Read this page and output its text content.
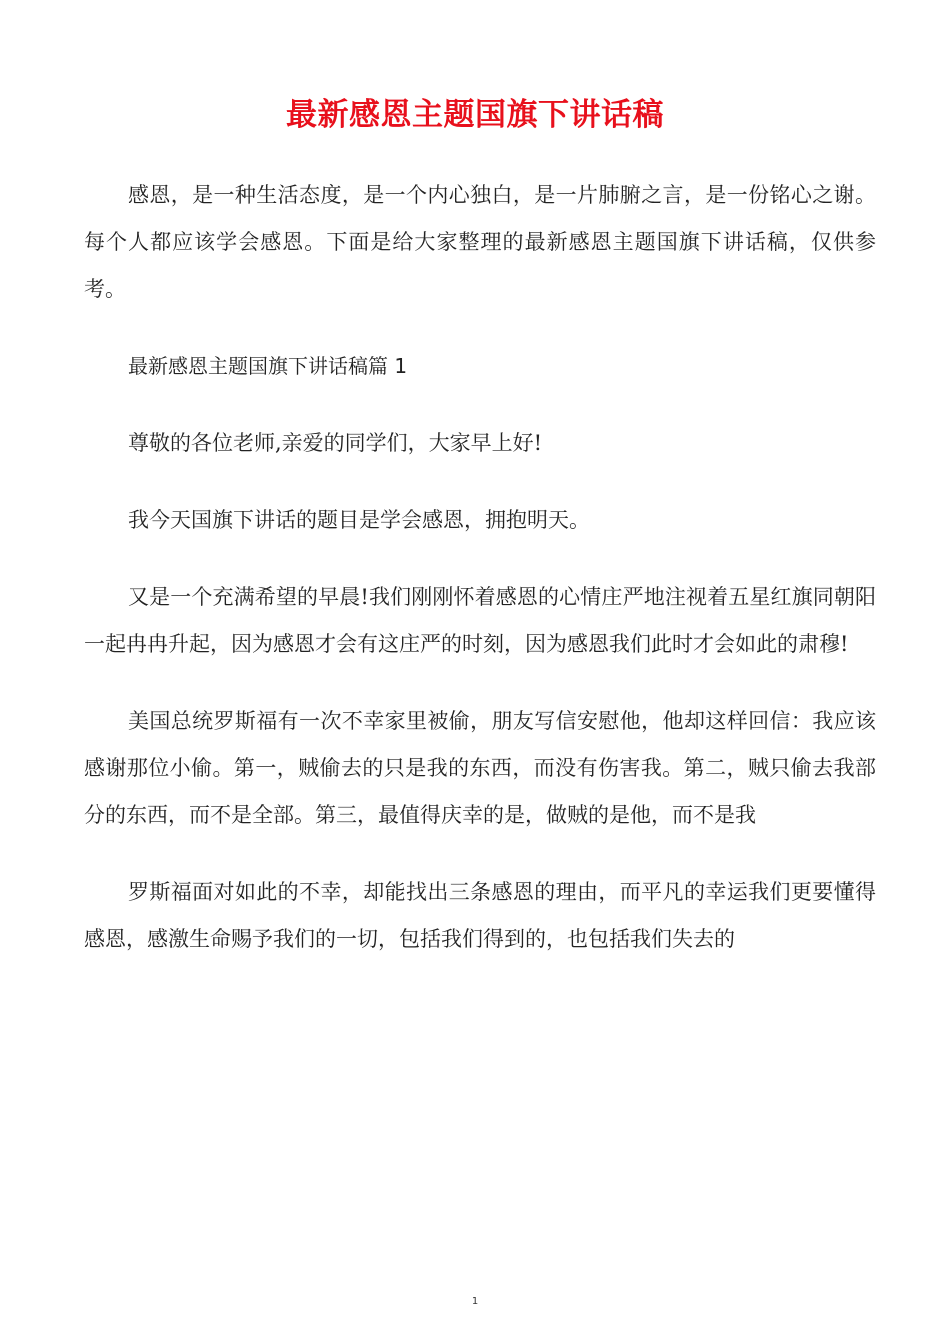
最新感恩主题国旗下讲话稿

感恩，是一种生活态度，是一个内心独白，是一片肺腑之言，是一份铭心之谢。每个人都应该学会感恩。下面是给大家整理的最新感恩主题国旗下讲话稿，仅供参考。

最新感恩主题国旗下讲话稿篇 1

尊敬的各位老师,亲爱的同学们，大家早上好!

我今天国旗下讲话的题目是学会感恩，拥抱明天。

又是一个充满希望的早晨!我们刚刚怀着感恩的心情庄严地注视着五星红旗同朝阳一起冉冉升起，因为感恩才会有这庄严的时刻，因为感恩我们此时才会如此的肃穆!

美国总统罗斯福有一次不幸家里被偷，朋友写信安慰他，他却这样回信：我应该感谢那位小偷。第一，贼偷去的只是我的东西，而没有伤害我。第二，贼只偷去我部分的东西，而不是全部。第三，最值得庆幸的是，做贼的是他，而不是我

罗斯福面对如此的不幸，却能找出三条感恩的理由，而平凡的幸运我们更要懂得感恩，感激生命赐予我们的一切，包括我们得到的，也包括我们失去的

1
